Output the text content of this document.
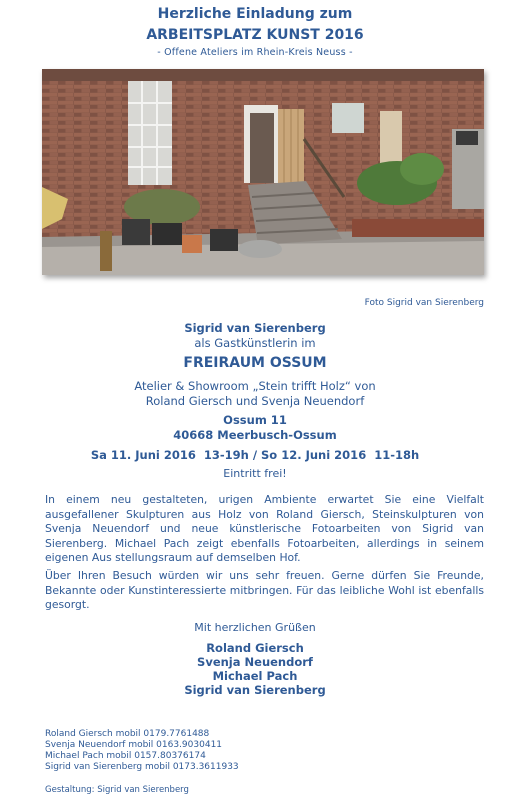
Herzliche Einladung zum
ARBEITSPLATZ KUNST 2016
- Offene Ateliers im Rhein-Kreis Neuss -
Foto Sigrid van Sierenberg
Sigrid van Sierenberg
als Gastkünstlerin im
FREIRAUM OSSUM
Atelier & Showroom „Stein trifft Holz“ von
Roland Giersch und Svenja Neuendorf
Ossum 11
40668 Meerbusch-Ossum
Sa 11. Juni 2016  13-19h / So 12. Juni 2016  11-18h
Eintritt frei!
In einem neu gestalteten, urigen Ambiente erwartet Sie eine Vielfalt ausgefallener Skulpturen aus Holz von Roland Giersch, Steinskulpturen von Svenja Neuendorf und neue künstlerische Fotoarbeiten von Sigrid van Sierenberg. Michael Pach zeigt ebenfalls Fotoarbeiten, allerdings in seinem eigenen Aus stellungsraum auf demselben Hof.
Über Ihren Besuch würden wir uns sehr freuen. Gerne dürfen Sie Freunde, Bekannte oder Kunstinteressierte mitbringen. Für das leibliche Wohl ist ebenfalls gesorgt.
Mit herzlichen Grüßen
Roland Giersch
Svenja Neuendorf
Michael Pach
Sigrid van Sierenberg
Roland Giersch mobil 0179.7761488
Svenja Neuendorf mobil 0163.9030411
Michael Pach mobil 0157.80376174
Sigrid van Sierenberg mobil 0173.3611933
Gestaltung: Sigrid van Sierenberg
